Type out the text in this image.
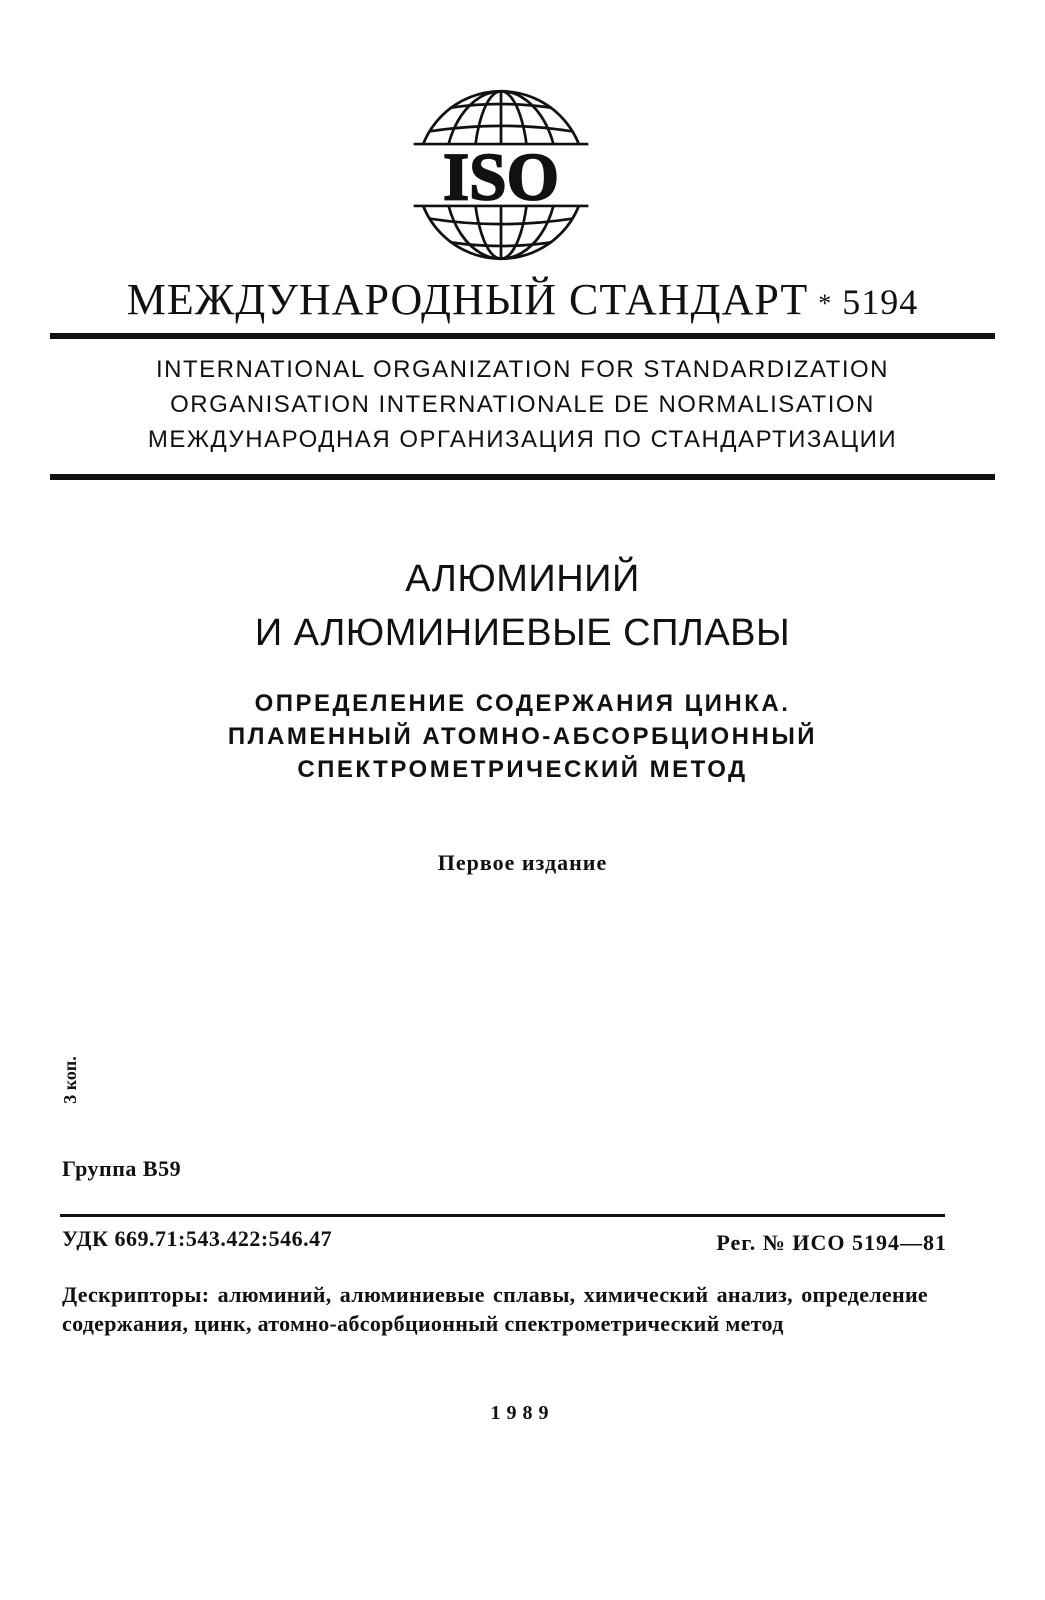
ISO
МЕЖДУНАРОДНЫЙ СТАНДАРТ * 5194
INTERNATIONAL ORGANIZATION FOR STANDARDIZATION
ORGANISATION INTERNATIONALE DE NORMALISATION
МЕЖДУНАРОДНАЯ ОРГАНИЗАЦИЯ ПО СТАНДАРТИЗАЦИИ
АЛЮМИНИЙ
И АЛЮМИНИЕВЫЕ СПЛАВЫ
ОПРЕДЕЛЕНИЕ СОДЕРЖАНИЯ ЦИНКА.
ПЛАМЕННЫЙ АТОМНО-АБСОРБЦИОННЫЙ
СПЕКТРОМЕТРИЧЕСКИЙ МЕТОД
Первое издание
3 коп.
Группа В59
УДК 669.71:543.422:546.47	Рег. № ИСО 5194—81
Дескрипторы: алюминий, алюминиевые сплавы, химический анализ, определение содержания, цинк, атомно-абсорбционный спектрометрический метод
1989
